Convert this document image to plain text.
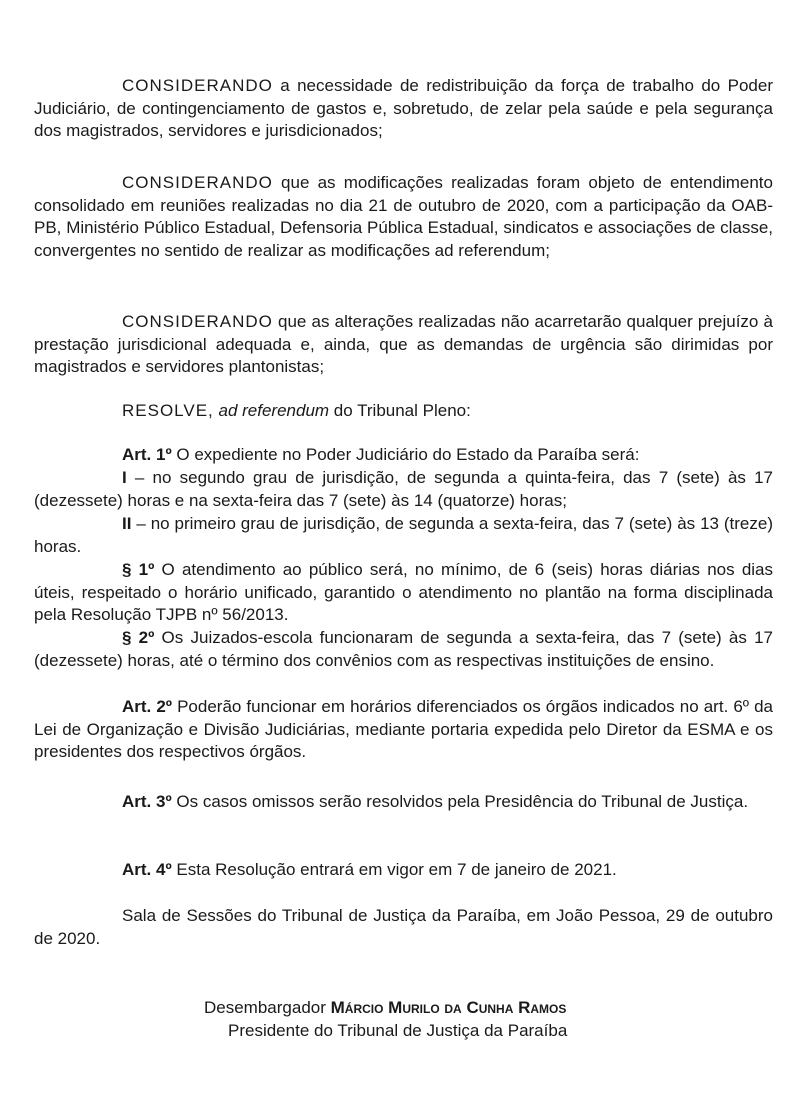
CONSIDERANDO a necessidade de redistribuição da força de trabalho do Poder Judiciário, de contingenciamento de gastos e, sobretudo, de zelar pela saúde e pela segurança dos magistrados, servidores e jurisdicionados;

CONSIDERANDO que as modificações realizadas foram objeto de entendimento consolidado em reuniões realizadas no dia 21 de outubro de 2020, com a participação da OAB-PB, Ministério Público Estadual, Defensoria Pública Estadual, sindicatos e associações de classe, convergentes no sentido de realizar as modificações ad referendum;

CONSIDERANDO que as alterações realizadas não acarretarão qualquer prejuízo à prestação jurisdicional adequada e, ainda, que as demandas de urgência são dirimidas por magistrados e servidores plantonistas;

RESOLVE, ad referendum do Tribunal Pleno:

Art. 1º O expediente no Poder Judiciário do Estado da Paraíba será:

I – no segundo grau de jurisdição, de segunda a quinta-feira, das 7 (sete) às 17 (dezessete) horas e na sexta-feira das 7 (sete) às 14 (quatorze) horas;

II – no primeiro grau de jurisdição, de segunda a sexta-feira, das 7 (sete) às 13 (treze) horas.

§ 1º O atendimento ao público será, no mínimo, de 6 (seis) horas diárias nos dias úteis, respeitado o horário unificado, garantido o atendimento no plantão na forma disciplinada pela Resolução TJPB nº 56/2013.

§ 2º Os Juizados-escola funcionaram de segunda a sexta-feira, das 7 (sete) às 17 (dezessete) horas, até o término dos convênios com as respectivas instituições de ensino.

Art. 2º Poderão funcionar em horários diferenciados os órgãos indicados no art. 6º da Lei de Organização e Divisão Judiciárias, mediante portaria expedida pelo Diretor da ESMA e os presidentes dos respectivos órgãos.

Art. 3º Os casos omissos serão resolvidos pela Presidência do Tribunal de Justiça.

Art. 4º Esta Resolução entrará em vigor em 7 de janeiro de 2021.

Sala de Sessões do Tribunal de Justiça da Paraíba, em João Pessoa, 29 de outubro de 2020.

Desembargador Márcio Murilo da Cunha Ramos

Presidente do Tribunal de Justiça da Paraíba
